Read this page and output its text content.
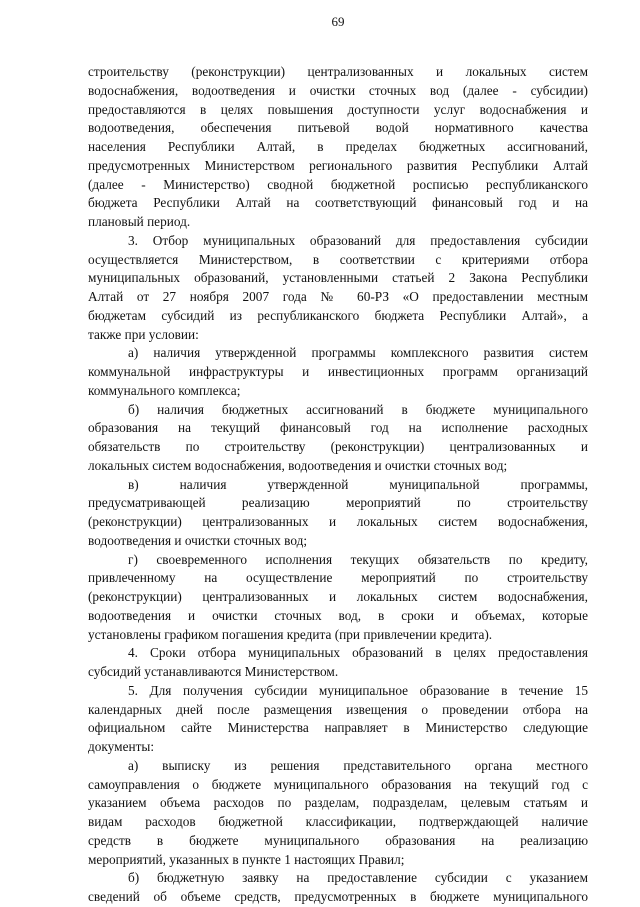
69

строительству (реконструкции) централизованных и локальных систем
водоснабжения, водоотведения и очистки сточных вод (далее - субсидии)
предоставляются в целях повышения доступности услуг водоснабжения и
водоотведения, обеспечения питьевой водой нормативного качества
населения Республики Алтай, в пределах бюджетных ассигнований,
предусмотренных Министерством регионального развития Республики Алтай
(далее - Министерство) сводной бюджетной росписью республиканского
бюджета Республики Алтай на соответствующий финансовый год и на
плановый период.

3. Отбор муниципальных образований для предоставления субсидии
осуществляется Министерством, в соответствии с критериями отбора
муниципальных образований, установленными статьей 2 Закона Республики
Алтай от 27 ноября 2007 года № 60-РЗ «О предоставлении местным
бюджетам субсидий из республиканского бюджета Республики Алтай», а
также при условии:

а) наличия утвержденной программы комплексного развития систем
коммунальной инфраструктуры и инвестиционных программ организаций
коммунального комплекса;

б) наличия бюджетных ассигнований в бюджете муниципального
образования на текущий финансовый год на исполнение расходных
обязательств по строительству (реконструкции) централизованных и
локальных систем водоснабжения, водоотведения и очистки сточных вод;

в) наличия утвержденной муниципальной программы,
предусматривающей реализацию мероприятий по строительству
(реконструкции) централизованных и локальных систем водоснабжения,
водоотведения и очистки сточных вод;

г) своевременного исполнения текущих обязательств по кредиту,
привлеченному на осуществление мероприятий по строительству
(реконструкции) централизованных и локальных систем водоснабжения,
водоотведения и очистки сточных вод, в сроки и объемах, которые
установлены графиком погашения кредита (при привлечении кредита).

4. Сроки отбора муниципальных образований в целях предоставления
субсидий устанавливаются Министерством.

5. Для получения субсидии муниципальное образование в течение 15
календарных дней после размещения извещения о проведении отбора на
официальном сайте Министерства направляет в Министерство следующие
документы:

а) выписку из решения представительного органа местного
самоуправления о бюджете муниципального образования на текущий год с
указанием объема расходов по разделам, подразделам, целевым статьям и
видам расходов бюджетной классификации, подтверждающей наличие
средств в бюджете муниципального образования на реализацию
мероприятий, указанных в пункте 1 настоящих Правил;

б) бюджетную заявку на предоставление субсидии с указанием
сведений об объеме средств, предусмотренных в бюджете муниципального
